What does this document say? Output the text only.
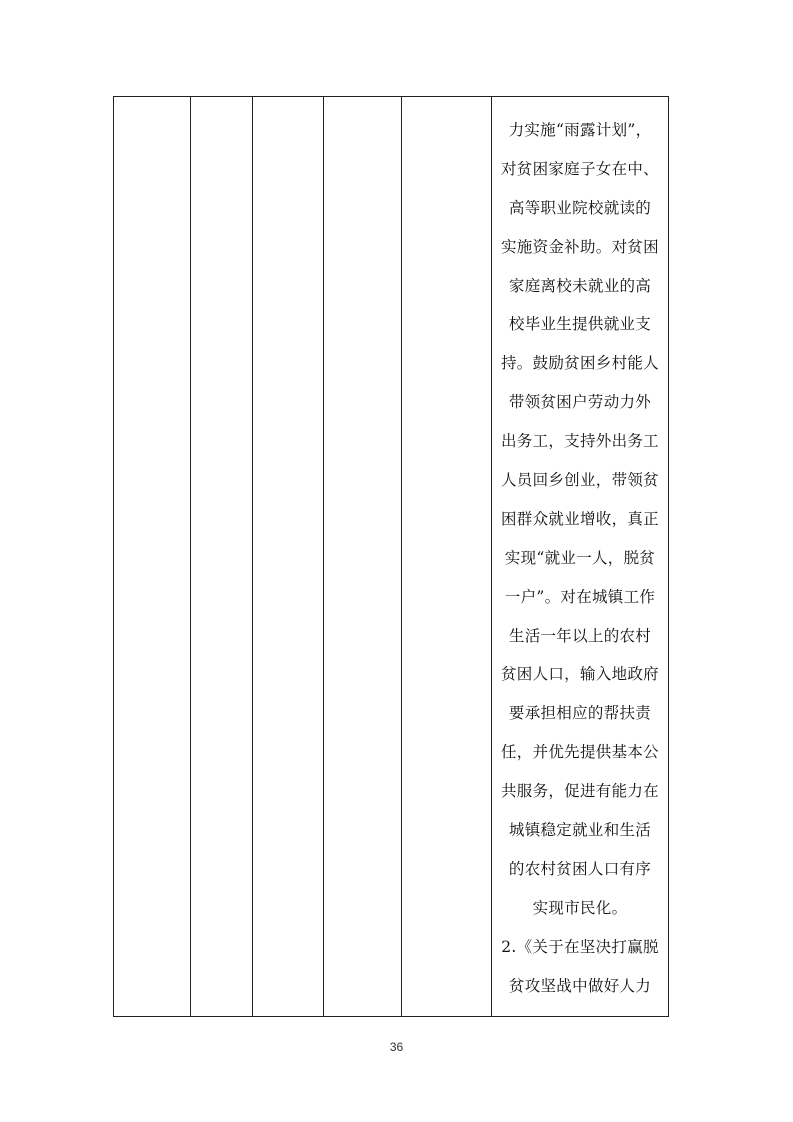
力实施“雨露计划”，
对贫困家庭子女在中、
高等职业院校就读的
实施资金补助。对贫困
家庭离校未就业的高
校毕业生提供就业支
持。鼓励贫困乡村能人
带领贫困户劳动力外
出务工，支持外出务工
人员回乡创业，带领贫
困群众就业增收，真正
实现“就业一人，脱贫
一户”。对在城镇工作
生活一年以上的农村
贫困人口，输入地政府
要承担相应的帮扶责
任，并优先提供基本公
共服务，促进有能力在
城镇稳定就业和生活
的农村贫困人口有序
实现市民化。
2.《关于在坚决打赢脱
贫攻坚战中做好人力
36
